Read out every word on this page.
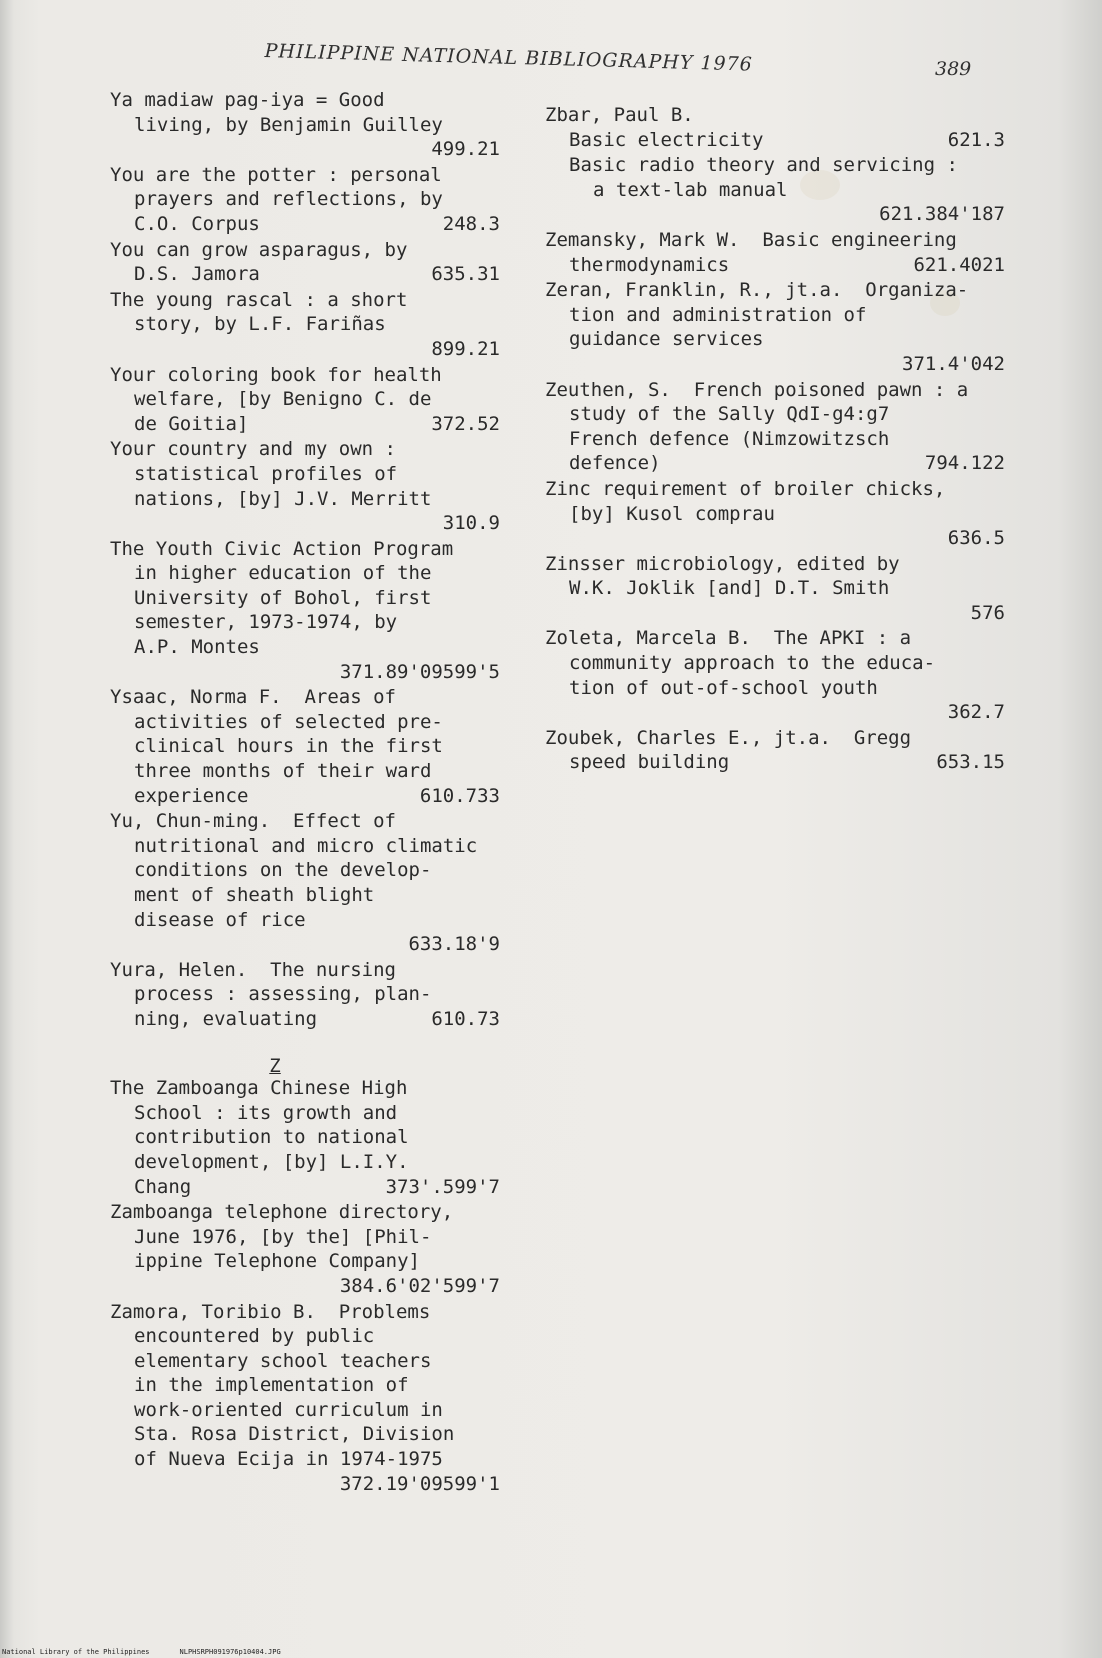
PHILIPPINE NATIONAL BIBLIOGRAPHY 1976	389
Ya madiaw pag-iya = Good
living, by Benjamin Guilley
499.21
You are the potter : personal
prayers and reflections, by
C.O. Corpus	248.3
You can grow asparagus, by
D.S. Jamora	635.31
The young rascal : a short
story, by L.F. Fariñas
899.21
Your coloring book for health
welfare, [by Benigno C. de
de Goitia]	372.52
Your country and my own :
statistical profiles of
nations, [by] J.V. Merritt
310.9
The Youth Civic Action Program
in higher education of the
University of Bohol, first
semester, 1973-1974, by
A.P. Montes
371.89'09599'5
Ysaac, Norma F.  Areas of
activities of selected pre-
clinical hours in the first
three months of their ward
experience	610.733
Yu, Chun-ming.  Effect of
nutritional and micro climatic
conditions on the develop-
ment of sheath blight
disease of rice
633.18'9
Yura, Helen.  The nursing
process : assessing, plan-
ning, evaluating	610.73
Z
The Zamboanga Chinese High
School : its growth and
contribution to national
development, [by] L.I.Y.
Chang	373'.599'7
Zamboanga telephone directory,
June 1976, [by the] [Phil-
ippine Telephone Company]
384.6'02'599'7
Zamora, Toribio B.  Problems
encountered by public
elementary school teachers
in the implementation of
work-oriented curriculum in
Sta. Rosa District, Division
of Nueva Ecija in 1974-1975
372.19'09599'1
Zbar, Paul B.
Basic electricity	621.3
Basic radio theory and servicing :
a text-lab manual
621.384'187
Zemansky, Mark W.  Basic engineering
thermodynamics	621.4021
Zeran, Franklin, R., jt.a.  Organiza-
tion and administration of
guidance services
371.4'042
Zeuthen, S.  French poisoned pawn : a
study of the Sally QdI-g4:g7
French defence (Nimzowitzsch
defence)	794.122
Zinc requirement of broiler chicks,
[by] Kusol comprau
636.5
Zinsser microbiology, edited by
W.K. Joklik [and] D.T. Smith
576
Zoleta, Marcela B.  The APKI : a
community approach to the educa-
tion of out-of-school youth
362.7
Zoubek, Charles E., jt.a.  Gregg
speed building	653.15
National Library of the Philippines	NLPHSRPH091976p10404.JPG
